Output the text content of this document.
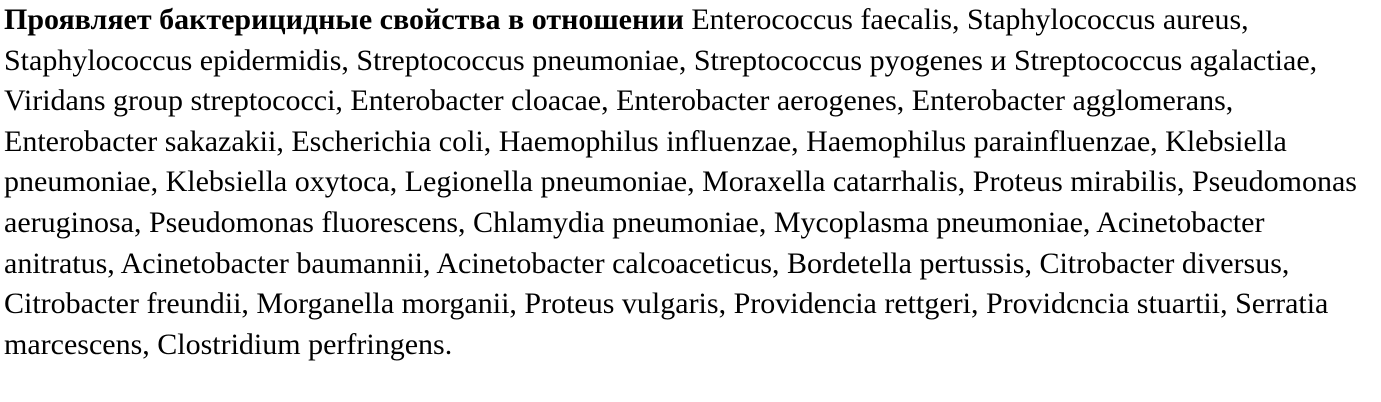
Проявляет бактерицидные свойства в отношении Enterococcus faecalis, Staphylococcus aureus, Staphylococcus epidermidis, Streptococcus pneumoniae, Streptococcus pyogenes и Streptococcus agalactiae, Viridans group streptococci, Enterobacter cloacae, Enterobacter aerogenes, Enterobacter agglomerans, Enterobacter sakazakii, Escherichia coli, Haemophilus influenzae, Haemophilus parainfluenzae, Klebsiella pneumoniae, Klebsiella oxytoca, Legionella pneumoniae, Moraxella catarrhalis, Proteus mirabilis, Pseudomonas aeruginosa, Pseudomonas fluorescens, Chlamydia pneumoniae, Mycoplasma pneumoniae, Acinetobacter anitratus, Acinetobacter baumannii, Acinetobacter calcoaceticus, Bordetella pertussis, Citrobacter diversus, Citrobacter freundii, Morganella morganii, Proteus vulgaris, Providencia rettgeri, Providcncia stuartii, Serratia marcescens, Clostridium perfringens.
